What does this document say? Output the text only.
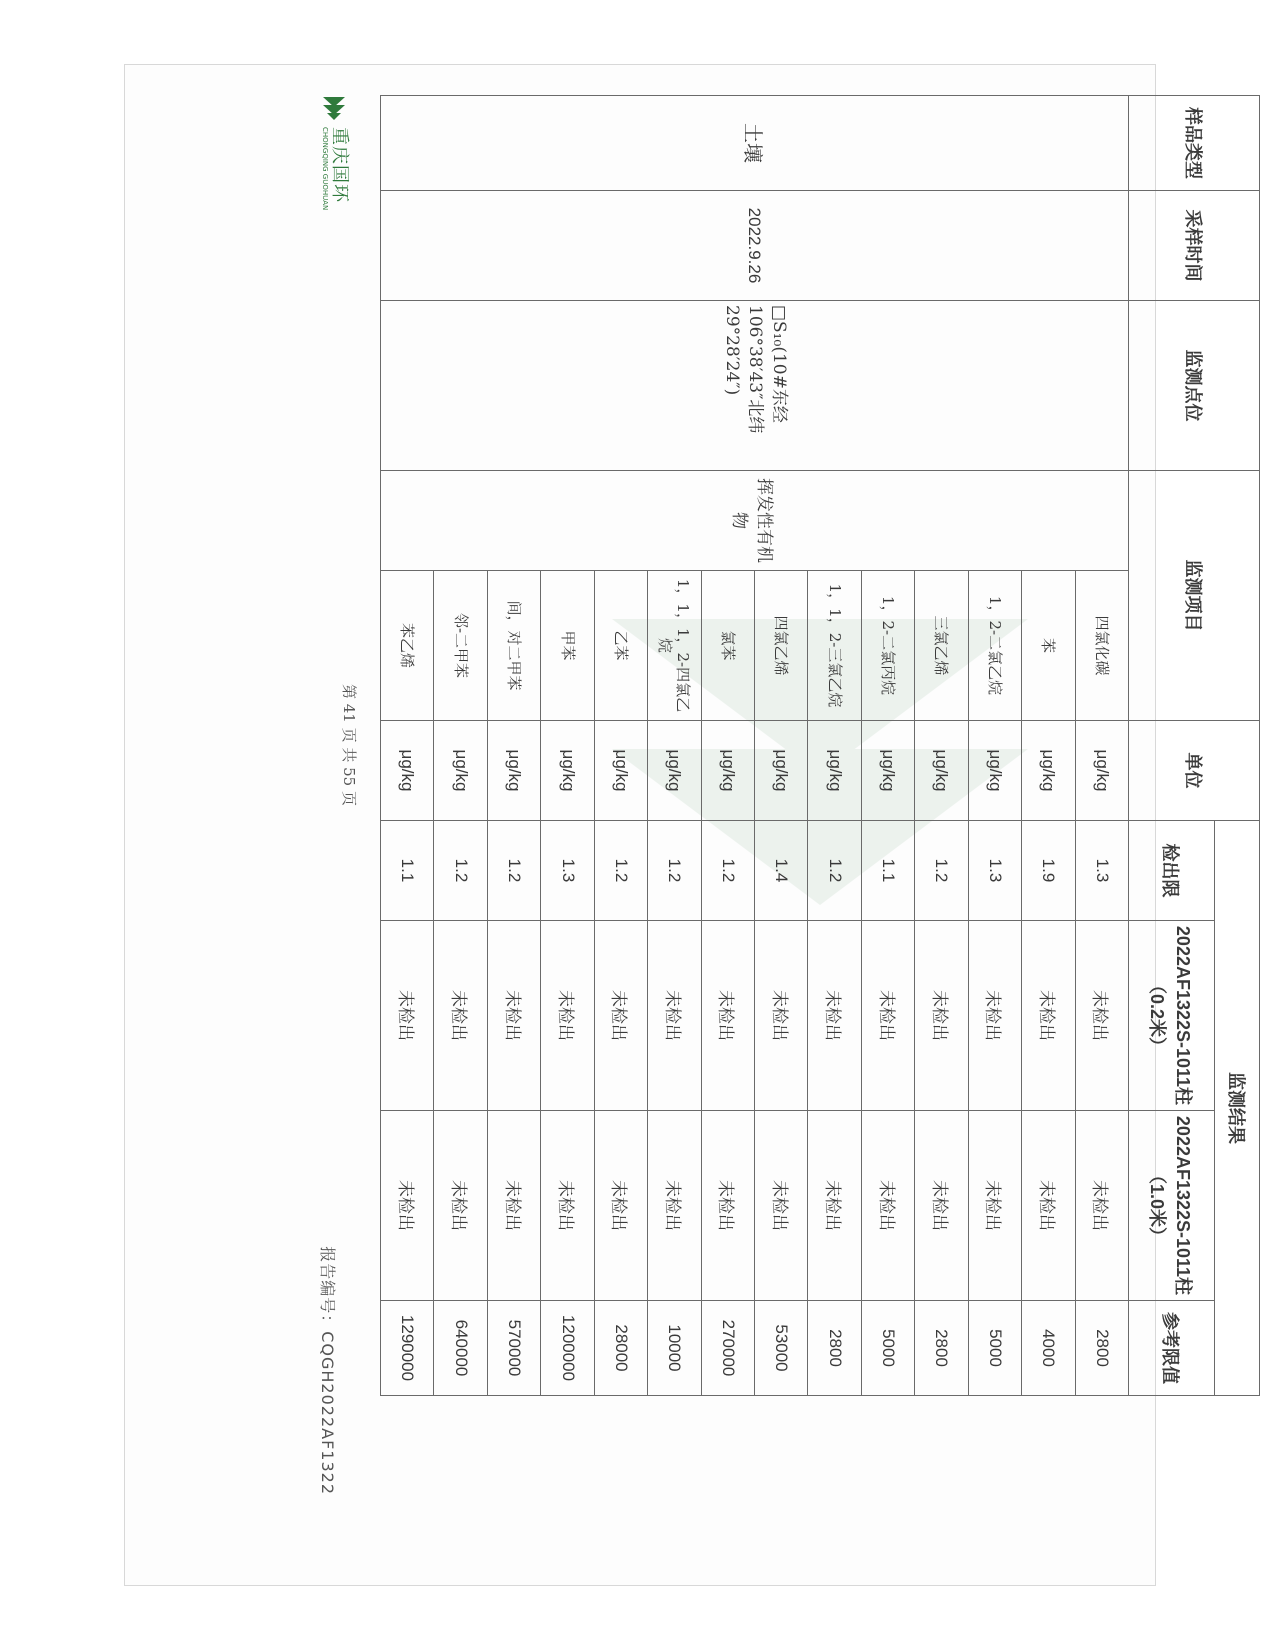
样品类型	采样时间	监测点位	监测项目		单位	监测结果			
						检出限	2022AF1322S-1011柱（0.2米）	2022AF1322S-1011柱（1.0米）	参考限值
土壤	2022.9.26	□S₁₀(10#东经106°38′43″北纬29°28′24″)	挥发性有机物	四氯化碳	μg/kg	1.3	未检出	未检出	2800
				苯	μg/kg	1.9	未检出	未检出	4000
				1，2-二氯乙烷	μg/kg	1.3	未检出	未检出	5000
				三氯乙烯	μg/kg	1.2	未检出	未检出	2800
				1，2-二氯丙烷	μg/kg	1.1	未检出	未检出	5000
				1，1，2-三氯乙烷	μg/kg	1.2	未检出	未检出	2800
				四氯乙烯	μg/kg	1.4	未检出	未检出	53000
				氯苯	μg/kg	1.2	未检出	未检出	270000
				1，1，1，2-四氯乙烷	μg/kg	1.2	未检出	未检出	10000
				乙苯	μg/kg	1.2	未检出	未检出	28000
				甲苯	μg/kg	1.3	未检出	未检出	1200000
				间，对二甲苯	μg/kg	1.2	未检出	未检出	570000
				邻-二甲苯	μg/kg	1.2	未检出	未检出	640000
				苯乙烯	μg/kg	1.1	未检出	未检出	1290000
第 41 页 共 55 页
重庆国环
CHONGQING GUOHUAN
报告编号：CQGH2022AF1322
